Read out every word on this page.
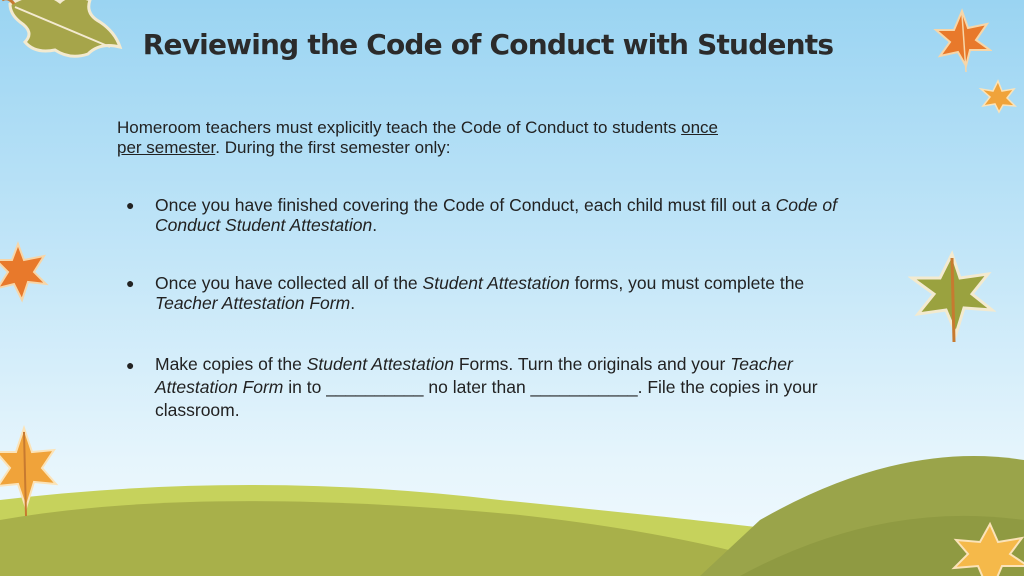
Reviewing the Code of Conduct with Students
Homeroom teachers must explicitly teach the Code of Conduct to students once
per semester. During the first semester only:
● Once you have finished covering the Code of Conduct, each child must fill out a Code of Conduct Student Attestation.
● Once you have collected all of the Student Attestation forms, you must complete the Teacher Attestation Form.
● Make copies of the Student Attestation Forms. Turn the originals and your Teacher Attestation Form in to __________ no later than ___________. File the copies in your classroom.
